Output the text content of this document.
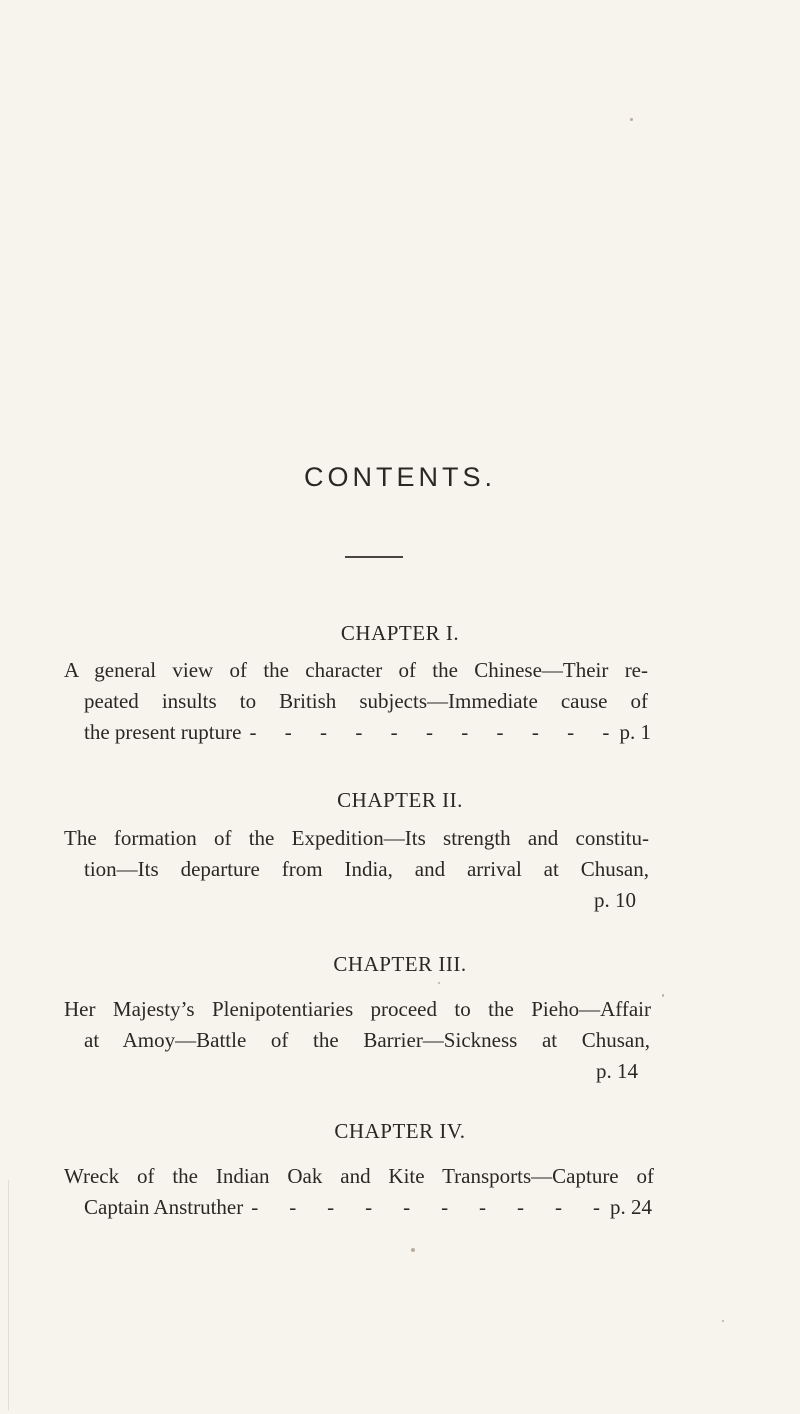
CONTENTS.
CHAPTER I.

A general view of the character of the Chinese—Their re-

peated insults to British subjects—Immediate cause of

the present rupture - - - - - - - - - - - p. 1
CHAPTER II.

The formation of the Expedition—Its strength and constitu-

tion—Its departure from India, and arrival at Chusan,

p. 10
CHAPTER III.

Her Majesty’s Plenipotentiaries proceed to the Pieho—Affair

at Amoy—Battle of the Barrier—Sickness at Chusan,

p. 14
CHAPTER IV.

Wreck of the Indian Oak and Kite Transports—Capture of

Captain Anstruther - - - - - - - - - - p. 24
